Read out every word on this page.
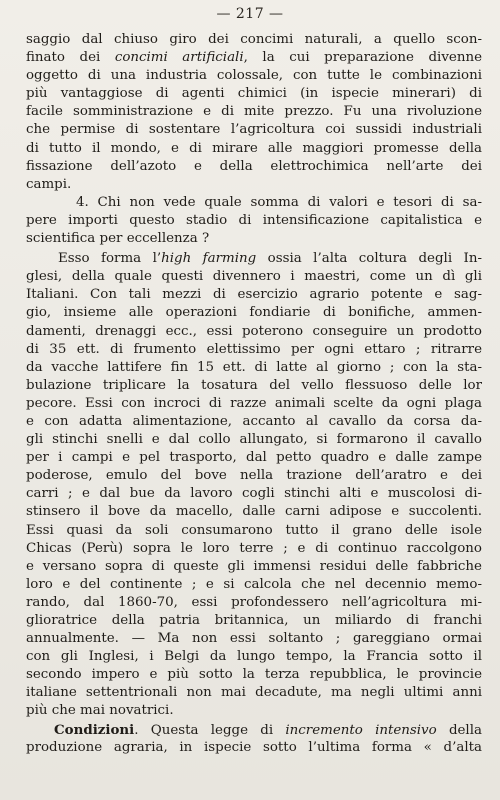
— 217 —
saggio dal chiuso giro dei concimi naturali, a quello scon-
finato dei concimi artificiali, la cui preparazione divenne
oggetto di una industria colossale, con tutte le combinazioni
più vantaggiose di agenti chimici (in ispecie minerari) di
facile somministrazione e di mite prezzo. Fu una rivoluzione
che permise di sostentare l’agricoltura coi sussidi industriali
di tutto il mondo, e di mirare alle maggiori promesse della
fissazione dell’azoto e della elettrochimica nell’arte dei
campi.
4. Chi non vede quale somma di valori e tesori di sa-
pere importi questo stadio di intensificazione capitalistica e
scientifica per eccellenza ?
Esso forma l’high farming ossia l’alta coltura degli In-
glesi, della quale questi divennero i maestri, come un dì gli
Italiani. Con tali mezzi di esercizio agrario potente e sag-
gio, insieme alle operazioni fondiarie di bonifiche, ammen-
damenti, drenaggi ecc., essi poterono conseguire un prodotto
di 35 ett. di frumento elettissimo per ogni ettaro ; ritrarre
da vacche lattifere fin 15 ett. di latte al giorno ; con la sta-
bulazione triplicare la tosatura del vello flessuoso delle lor
pecore. Essi con incroci di razze animali scelte da ogni plaga
e con adatta alimentazione, accanto al cavallo da corsa da-
gli stinchi snelli e dal collo allungato, si formarono il cavallo
per i campi e pel trasporto, dal petto quadro e dalle zampe
poderose, emulo del bove nella trazione dell’aratro e dei
carri ; e dal bue da lavoro cogli stinchi alti e muscolosi di-
stinsero il bove da macello, dalle carni adipose e succolenti.
Essi quasi da soli consumarono tutto il grano delle isole
Chicas (Perù) sopra le loro terre ; e di continuo raccolgono
e versano sopra di queste gli immensi residui delle fabbriche
loro e del continente ; e si calcola che nel decennio memo-
rando, dal 1860-70, essi profondessero nell’agricoltura mi-
glioratrice della patria britannica, un miliardo di franchi
annualmente. — Ma non essi soltanto ; gareggiano ormai
con gli Inglesi, i Belgi da lungo tempo, la Francia sotto il
secondo impero e più sotto la terza repubblica, le provincie
italiane settentrionali non mai decadute, ma negli ultimi anni
più che mai novatrici.
Condizioni. Questa legge di incremento intensivo della
produzione agraria, in ispecie sotto l’ultima forma « d’alta
